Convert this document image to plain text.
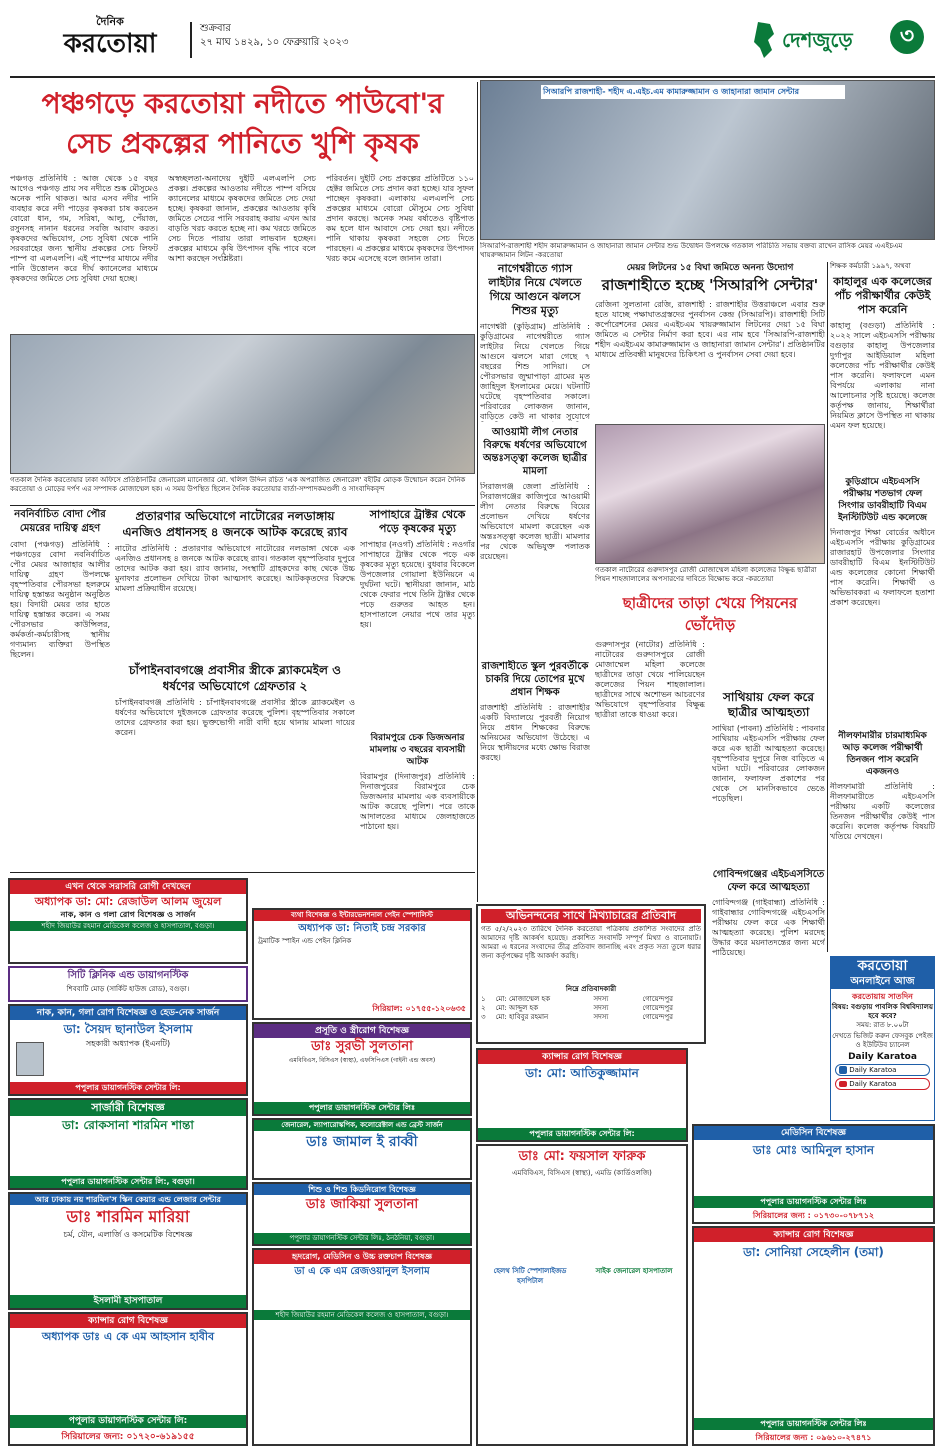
দৈনিক
করতোয়া
শুক্রবার
২৭ মাঘ ১৪২৯, ১০ ফেব্রুয়ারি ২০২৩	দেশজুড়ে	৩
পঞ্চগড়ে করতোয়া নদীতে পাউবো'র
সেচ প্রকল্পের পানিতে খুশি কৃষক
পঞ্চগড় প্রতিনিধি : আজ থেকে ১৫ বছর আগেও পঞ্চগড় প্রায় সব নদীতে শুষ্ক মৌসুমেও অনেক পানি থাকত। আর এসব নদীর পানি ব্যবহার করে নদী পাড়ের কৃষকরা চাষ করতেন বোরো ধান, গম, সরিষা, আলু, পেঁয়াজ, রসুনসহ নানান ধরনের সবজি আবাদ করত। কৃষকদের অভিযোগ, সেচ সুবিধা থেকে পানি সরবরাহের জন্য স্থানীয় প্রকল্পের সেচ লিফট পাম্প বা এলএলপি। এই পাম্পের মাধ্যমে নদীর পানি উত্তোলন করে দীর্ঘ ক্যানেলের মাধ্যমে কৃষকদের জমিতে সেচ সুবিধা দেয়া হচ্ছে।
অস্বচ্ছলতা-অনাদেয় দুইটি এলএলপি সেচ প্রকল্প। প্রকল্পের আওতায় নদীতে পাম্প বসিয়ে ক্যানেলের মাধ্যমে কৃষকদের জমিতে সেচ দেয়া হচ্ছে। কৃষকরা জানান, প্রকল্পের আওতায় কৃষি জমিতে সেচের পানি সরবরাহ করায় এখন আর বাড়তি খরচ করতে হচ্ছে না। কম খরচে জমিতে সেচ দিতে পারায় তারা লাভবান হচ্ছেন। প্রকল্পের মাধ্যমে কৃষি উৎপাদন বৃদ্ধি পাবে বলে আশা করছেন সংশ্লিষ্টরা।
পরিবর্তন। দুইটি সেচ প্রকল্পের প্রতিটিতে ১১০ হেক্টর জমিতে সেচ প্রদান করা হচ্ছে। যার সুফল পাচ্ছেন কৃষকরা। এলাকায় এলএলপি সেচ প্রকল্পের মাধ্যমে বোরো মৌসুমে সেচ সুবিধা প্রদান করছে। অনেক সময় বর্ষাতেও বৃষ্টিপাত কম হলে ধান আবাদে সেচ দেয়া হয়। নদীতে পানি থাকায় কৃষকরা সহজে সেচ দিতে পারছেন। এ প্রকল্পের মাধ্যমে কৃষকদের উৎপাদন খরচ কমে এসেছে বলে জানান তারা।
সিআরপি রাজশাহী- শহীদ এ.এইচ.এম কামারুজ্জামান ও জাহানারা জামান সেন্টার
সিআরপি-রাজশাহী শহীদ কামারুজ্জামান ও জাহানারা জামান সেন্টার শুভ উদ্বোধন উপলক্ষে গতকাল পরিচিতি সভায় বক্তব্য রাখেন রাসিক মেয়র এএইচএম খায়রুজ্জামান লিটন -করতোয়া
নাগেশ্বরীতে গ্যাস লাইটার নিয়ে খেলতে গিয়ে আগুনে ঝলসে শিশুর মৃত্যু
নাগেশ্বরী (কুড়িগ্রাম) প্রতিনিধি : কুড়িগ্রামের নাগেশ্বরীতে গ্যাস লাইটার নিয়ে খেলতে গিয়ে আগুনে ঝলসে মারা গেছে ৭ বছরের শিশু সাদিয়া। সে পৌরসভার জুম্মাপাড়া গ্রামের মৃত জাহিদুল ইসলামের মেয়ে। ঘটনাটি ঘটেছে বৃহস্পতিবার সকালে। পরিবারের লোকজন জানান, বাড়িতে কেউ না থাকার সুযোগে
মেয়র লিটনের ১৫ বিঘা জমিতে অনন্য উদ্যোগ
রাজশাহীতে হচ্ছে 'সিআরপি সেন্টার'
রেজিনা সুলতানা রেজি, রাজশাহী : রাজশাহীর উত্তরাঞ্চলে এবার শুরু হতে যাচ্ছে পক্ষাঘাতগ্রস্তদের পুনর্বাসন কেন্দ্র (সিআরপি)। রাজশাহী সিটি কর্পোরেশনের মেয়র এএইচএম খায়রুজ্জামান লিটনের দেয়া ১৫ বিঘা জমিতে এ সেন্টার নির্মাণ করা হবে। এর নাম হবে 'সিআরপি-রাজশাহী শহীদ এএইচএম কামারুজ্জামান ও জাহানারা জামান সেন্টার'। প্রতিষ্ঠানটির মাধ্যমে প্রতিবন্ধী মানুষদের চিকিৎসা ও পুনর্বাসন সেবা দেয়া হবে।
শিক্ষক কর্মচারী ১৯৯৭, অথবা
কাহালুর এক কলেজের পাঁচ পরীক্ষার্থীর কেউই পাস করেনি
কাহালু (বগুড়া) প্রতিনিধি : ২০২২ সালে এইচএসসি পরীক্ষায় বগুড়ার কাহালু উপজেলার দুর্গাপুর আইডিয়াল মহিলা কলেজের পাঁচ পরীক্ষার্থীর কেউই পাস করেনি। ফলাফলে এমন বিপর্যয়ে এলাকায় নানা আলোচনার সৃষ্টি হয়েছে। কলেজ কর্তৃপক্ষ জানায়, শিক্ষার্থীরা নিয়মিত ক্লাসে উপস্থিত না থাকায় এমন ফল হয়েছে।
গতকাল দৈনিক করতোয়ার ঢাকা অফিসে প্রতিষ্ঠানটির জেনারেল ম্যানেজার মো. খলিল উদ্দিন রচিত 'এক অপরাজিত জেনারেল' বইটির মোড়ক উন্মোচন করেন দৈনিক করতোয়া ও মোড়ের দর্পণ এর সম্পাদক মোজাম্মেল হক। এ সময় উপস্থিত ছিলেন দৈনিক করতোয়ার বার্তা-সম্পাদকমণ্ডলী ও সাংবাদিকবৃন্দ
গতকাল নাটোরের গুরুদাসপুর রোজী মোজাম্মেল মহিলা কলেজের বিক্ষুব্ধ ছাত্রীরা পিয়ন শাহজালালের অপসারণের দাবিতে বিক্ষোভ করে -করতোয়া
কুড়িগ্রামে এইচএসসি পরীক্ষায় শতভাগ ফেল সিংগার ডাবরীহাটি বিএম ইনস্টিটিউট এন্ড কলেজে
দিনাজপুর শিক্ষা বোর্ডের অধীনে এইচএসসি পরীক্ষায় কুড়িগ্রামের রাজারহাট উপজেলার সিংগার ডাবরীহাটি বিএম ইনস্টিটিউট এন্ড কলেজের কোনো শিক্ষার্থী পাস করেনি। শিক্ষার্থী ও অভিভাবকরা এ ফলাফলে হতাশা প্রকাশ করেছেন।
আওয়ামী লীগ নেতার বিরুদ্ধে ধর্ষণের অভিযোগে অন্তঃসত্ত্বা কলেজ ছাত্রীর মামলা
সিরাজগঞ্জ জেলা প্রতিনিধি : সিরাজগঞ্জের কাজিপুরে আওয়ামী লীগ নেতার বিরুদ্ধে বিয়ের প্রলোভন দেখিয়ে ধর্ষণের অভিযোগে মামলা করেছেন এক অন্তঃসত্ত্বা কলেজ ছাত্রী। মামলার পর থেকে অভিযুক্ত পলাতক রয়েছেন।
নবনির্বাচিত বোদা পৌর মেয়রের দায়িত্ব গ্রহণ
বোদা (পঞ্চগড়) প্রতিনিধি : পঞ্চগড়ের বোদা নবনির্বাচিত পৌর মেয়র আজাহার আলীর দায়িত্ব গ্রহণ উপলক্ষে বৃহস্পতিবার পৌরসভা হলরুমে দায়িত্ব হস্তান্তর অনুষ্ঠান অনুষ্ঠিত হয়। বিদায়ী মেয়র তার হাতে দায়িত্ব হস্তান্তর করেন। এ সময় পৌরসভার কাউন্সিলর, কর্মকর্তা-কর্মচারীসহ স্থানীয় গণ্যমান্য ব্যক্তিরা উপস্থিত ছিলেন।
প্রতারণার অভিযোগে নাটোরের নলডাঙ্গায় এনজিও প্রধানসহ ৪ জনকে আটক করেছে র‌্যাব
নাটোর প্রতিনিধি : প্রতারণার অভিযোগে নাটোরের নলডাঙ্গা থেকে এক এনজিও প্রধানসহ ৪ জনকে আটক করেছে র‌্যাব। গতকাল বৃহস্পতিবার দুপুরে তাদের আটক করা হয়। র‌্যাব জানায়, সংস্থাটি গ্রাহকদের কাছ থেকে উচ্চ মুনাফার প্রলোভন দেখিয়ে টাকা আত্মসাৎ করেছে। আটককৃতদের বিরুদ্ধে মামলা প্রক্রিয়াধীন রয়েছে।
সাপাহারে ট্রাক্টর থেকে পড়ে কৃষকের মৃত্যু
সাপাহার (নওগাঁ) প্রতিনিধি : নওগাঁর সাপাহারে ট্রাক্টর থেকে পড়ে এক কৃষকের মৃত্যু হয়েছে। বুধবার বিকেলে উপজেলার গোয়ালা ইউনিয়নে এ দুর্ঘটনা ঘটে। স্থানীয়রা জানান, মাঠ থেকে ফেরার পথে তিনি ট্রাক্টর থেকে পড়ে গুরুতর আহত হন। হাসপাতালে নেয়ার পথে তার মৃত্যু হয়।
চাঁপাইনবাবগঞ্জে প্রবাসীর স্ত্রীকে ব্ল্যাকমেইল ও ধর্ষণের অভিযোগে গ্রেফতার ২
চাঁপাইনবাবগঞ্জ প্রতিনিধি : চাঁপাইনবাবগঞ্জে প্রবাসীর স্ত্রীকে ব্ল্যাকমেইল ও ধর্ষণের অভিযোগে দুইজনকে গ্রেফতার করেছে পুলিশ। বৃহস্পতিবার সকালে তাদের গ্রেফতার করা হয়। ভুক্তভোগী নারী বাদী হয়ে থানায় মামলা দায়ের করেন।
বিরামপুরে চেক ডিজঅনার মামলায় ৩ বছরের ব্যবসায়ী আটক
বিরামপুর (দিনাজপুর) প্রতিনিধি : দিনাজপুরের বিরামপুরে চেক ডিজঅনার মামলায় এক ব্যবসায়ীকে আটক করেছে পুলিশ। পরে তাকে আদালতের মাধ্যমে জেলহাজতে পাঠানো হয়।
রাজশাহীতে স্কুল পুরবর্তীকে চাকরি দিয়ে তোপের মুখে প্রধান শিক্ষক
রাজশাহী প্রতিনিধি : রাজশাহীর একটি বিদ্যালয়ে পুরবর্তী নিয়োগ নিয়ে প্রধান শিক্ষকের বিরুদ্ধে অনিয়মের অভিযোগ উঠেছে। এ নিয়ে স্থানীয়দের মধ্যে ক্ষোভ বিরাজ করছে।
ছাত্রীদের তাড়া খেয়ে পিয়নের ভোঁদৌড়
গুরুদাসপুর (নাটোর) প্রতিনিধি : নাটোরের গুরুদাসপুরে রোজী মোজাম্মেল মহিলা কলেজে ছাত্রীদের তাড়া খেয়ে পালিয়েছেন কলেজের পিয়ন শাহজালাল। ছাত্রীদের সাথে অশোভন আচরণের অভিযোগে বৃহস্পতিবার বিক্ষুব্ধ ছাত্রীরা তাকে ধাওয়া করে।
সাথিয়ায় ফেল করে ছাত্রীর আত্মহত্যা
সাথিয়া (পাবনা) প্রতিনিধি : পাবনার সাথিয়ায় এইচএসসি পরীক্ষায় ফেল করে এক ছাত্রী আত্মহত্যা করেছে। বৃহস্পতিবার দুপুরে নিজ বাড়িতে এ ঘটনা ঘটে। পরিবারের লোকজন জানান, ফলাফল প্রকাশের পর থেকে সে মানসিকভাবে ভেঙে পড়েছিল।
নীলফামারীর চারমাধ্যমিক আড় কলেজ পরীক্ষার্থী তিনজন পাস করেনি একজনও
নীলফামারী প্রতিনিধি : নীলফামারীতে এইচএসসি পরীক্ষায় একটি কলেজের তিনজন পরীক্ষার্থীর কেউই পাস করেনি। কলেজ কর্তৃপক্ষ বিষয়টি খতিয়ে দেখছেন।
গোবিন্দগঞ্জের এইচএসসিতে ফেল করে আত্মহত্যা
গোবিন্দগঞ্জ (গাইবান্ধা) প্রতিনিধি : গাইবান্ধার গোবিন্দগঞ্জে এইচএসসি পরীক্ষায় ফেল করে এক শিক্ষার্থী আত্মহত্যা করেছে। পুলিশ মরদেহ উদ্ধার করে ময়নাতদন্তের জন্য মর্গে পাঠিয়েছে।
অভিনন্দনের সাথে মিথ্যাচারের প্রতিবাদ
গত ৫/২/২০২৩ তারিখে দৈনিক করতোয়া পত্রিকায় প্রকাশিত সংবাদের প্রতি আমাদের দৃষ্টি আকর্ষণ হয়েছে। প্রকাশিত সংবাদটি সম্পূর্ণ মিথ্যা ও বানোয়াট। আমরা এ ধরনের সংবাদের তীব্র প্রতিবাদ জানাচ্ছি এবং প্রকৃত সত্য তুলে ধরার জন্য কর্তৃপক্ষের দৃষ্টি আকর্ষণ করছি।
নিম্নে প্রতিবাদকারী
১	মো: মোজাম্মেল হক	সদস্য	গোয়েন্দপুর
২	মো: আব্দুল হক	সদস্য	গোয়েন্দপুর
৩	মো: হাবিবুর রহমান	সদস্য	গোয়েন্দপুর
করতোয়া
অনলাইনে আজ
করতোয়ায় সাতদিন
বিষয়: বগুড়ায় পাবলিক বিশ্ববিদ্যালয় হবে কবে?
সময়: রাত ৮.০০টা
দেখতে ভিজিট করুন ফেসবুক পেইজ ও ইউটিউব চ্যানেল
Daily Karatoa
Daily Karatoa
Daily Karatoa
এখন থেকে সরাসরি রোগী দেখছেন
অধ্যাপক ডা: মো: রেজাউল আলম জুয়েল
নাক, কান ও গলা রোগ বিশেষজ্ঞ ও সার্জন
শহীদ জিয়াউর রহমান মেডিকেল কলেজ ও হাসপাতাল, বগুড়া।
সিটি ক্লিনিক এন্ড ডায়াগনস্টিক
শিববাটি মোড় (সার্কিট হাউজ রোড), বগুড়া।
নাক, কান, গলা রোগ বিশেষজ্ঞ ও হেড-নেক সার্জন
ডা: সৈয়দ ছানাউল ইসলাম
সহকারী অধ্যাপক (ইএনটি)
পপুলার ডায়াগনস্টিক সেন্টার লি:
সার্জারী বিশেষজ্ঞ
ডা: রোকসানা শারমিন শান্তা
পপুলার ডায়াগনস্টিক সেন্টার লি:, বগুড়া।
আর ঢাকায় নয় শারমিন'স স্কিন কেয়ার এন্ড লেজার সেন্টার
ডাঃ শারমিন মারিয়া
চর্ম, যৌন, এলার্জি ও কসমেটিক বিশেষজ্ঞ
ইসলামী হাসপাতাল
ক্যান্সার রোগ বিশেষজ্ঞ
অধ্যাপক ডাঃ এ কে এম আহসান হাবীব
পপুলার ডায়াগনস্টিক সেন্টার লি:
সিরিয়ালের জন্য: ০১৭২০-৬১৯১৫৫
ব্যথা বিশেষজ্ঞ ও ইন্টারভেনশনাল পেইন স্পেশালিস্ট
অধ্যাপক ডা: নিতাই চন্দ্র সরকার
ট্রমাটিক স্পাইন এন্ড পেইন ক্লিনিক
সিরিয়াল: ০১৭৫৫-১২০৬৩৫
প্রসূতি ও স্ত্রীরোগ বিশেষজ্ঞ
ডাঃ সুরভী সুলতানা
এমবিবিএস, বিসিএস (স্বাস্থ্য), এফসিপিএস (গাইনী এন্ড অবস)
পপুলার ডায়াগনস্টিক সেন্টার লিঃ
জেনারেল, ল্যাপারোস্কপিক, কলোরেক্টাল এন্ড ব্রেস্ট সার্জন
ডাঃ জামাল ই রাব্বী
শিশু ও শিশু কিডনিরোগ বিশেষজ্ঞ
ডাঃ জাকিয়া সুলতানা
পপুলার ডায়াগনস্টিক সেন্টার লিঃ, ঠনঠনিয়া, বগুড়া।
হৃদরোগ, মেডিসিন ও উচ্চ রক্তচাপ বিশেষজ্ঞ
ডা এ কে এম রেজওয়ানুল ইসলাম
শহীদ জিয়াউর রহমান মেডিকেল কলেজ ও হাসপাতাল, বগুড়া।
ক্যান্সার রোগ বিশেষজ্ঞ
ডা: মো: আতিকুজ্জামান
পপুলার ডায়াগনস্টিক সেন্টার লি:
ডাঃ মো: ফয়সাল ফারুক
এমবিবিএস, বিসিএস (স্বাস্থ্য), এমডি (কার্ডিওলজি)
হেলথ সিটি স্পেশালাইজড হসপিটাল
সাইক জেনারেল হাসপাতাল
মেডিসিন বিশেষজ্ঞ
ডাঃ মোঃ আমিনুল হাসান
পপুলার ডায়াগনস্টিক সেন্টার লিঃ
সিরিয়ালের জন্য : ০১৭৩০-০৭৮৭১২
ক্যান্সার রোগ বিশেষজ্ঞ
ডা: সোনিয়া সেহেলীন (তমা)
পপুলার ডায়াগনস্টিক সেন্টার লিঃ
সিরিয়ালের জন্য : ০৯৬১০-২৭৪৭১
